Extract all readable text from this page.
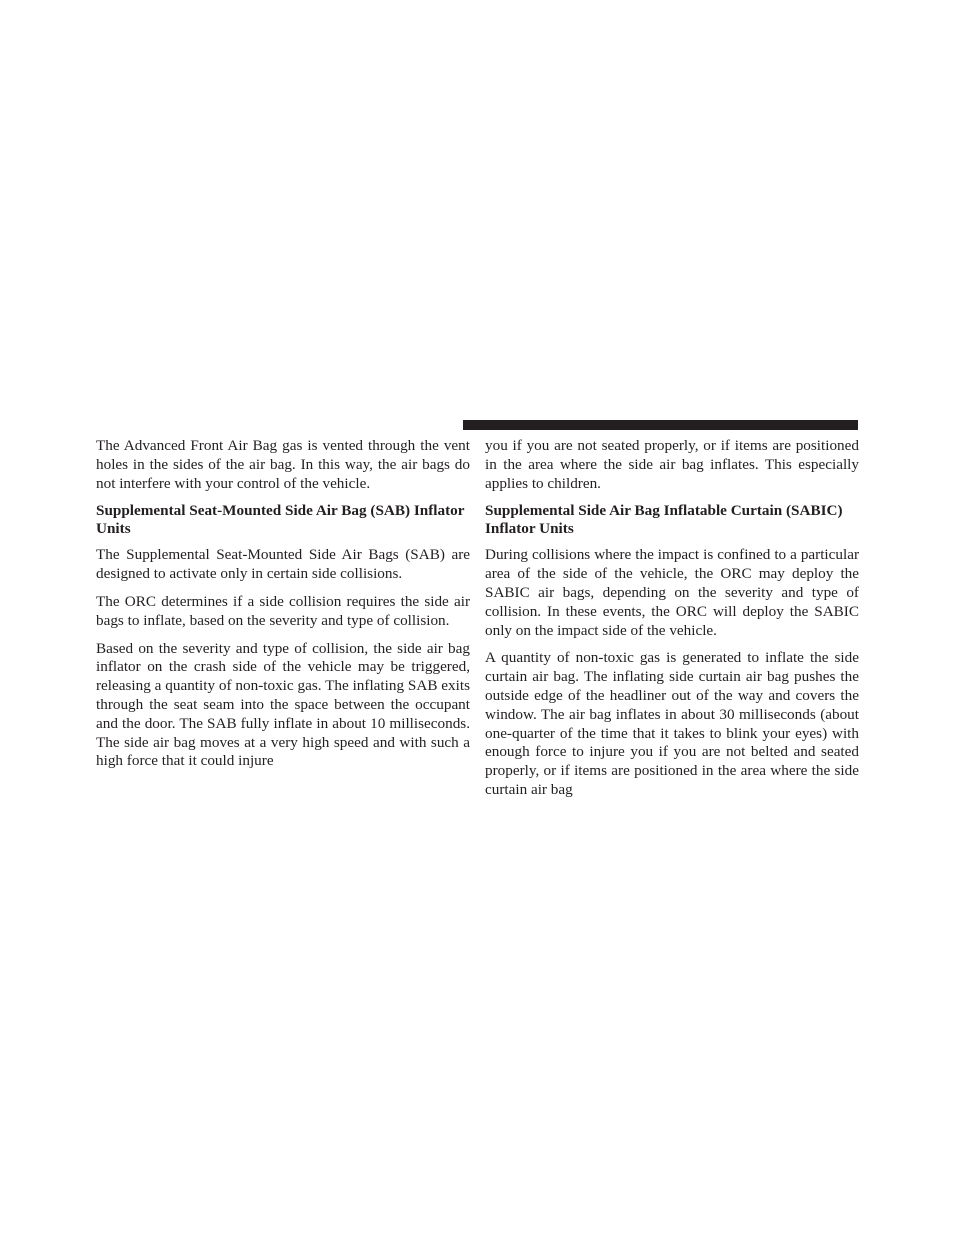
The Advanced Front Air Bag gas is vented through the vent holes in the sides of the air bag. In this way, the air bags do not interfere with your control of the vehicle.

Supplemental Seat-Mounted Side Air Bag (SAB) Inflator Units

The Supplemental Seat-Mounted Side Air Bags (SAB) are designed to activate only in certain side collisions.

The ORC determines if a side collision requires the side air bags to inflate, based on the severity and type of collision.

Based on the severity and type of collision, the side air bag inflator on the crash side of the vehicle may be triggered, releasing a quantity of non-toxic gas. The inflating SAB exits through the seat seam into the space between the occupant and the door. The SAB fully inflate in about 10 milliseconds. The side air bag moves at a very high speed and with such a high force that it could injure

you if you are not seated properly, or if items are positioned in the area where the side air bag inflates. This especially applies to children.

Supplemental Side Air Bag Inflatable Curtain (SABIC) Inflator Units

During collisions where the impact is confined to a particular area of the side of the vehicle, the ORC may deploy the SABIC air bags, depending on the severity and type of collision. In these events, the ORC will deploy the SABIC only on the impact side of the vehicle.

A quantity of non-toxic gas is generated to inflate the side curtain air bag. The inflating side curtain air bag pushes the outside edge of the headliner out of the way and covers the window. The air bag inflates in about 30 milliseconds (about one-quarter of the time that it takes to blink your eyes) with enough force to injure you if you are not belted and seated properly, or if items are positioned in the area where the side curtain air bag
